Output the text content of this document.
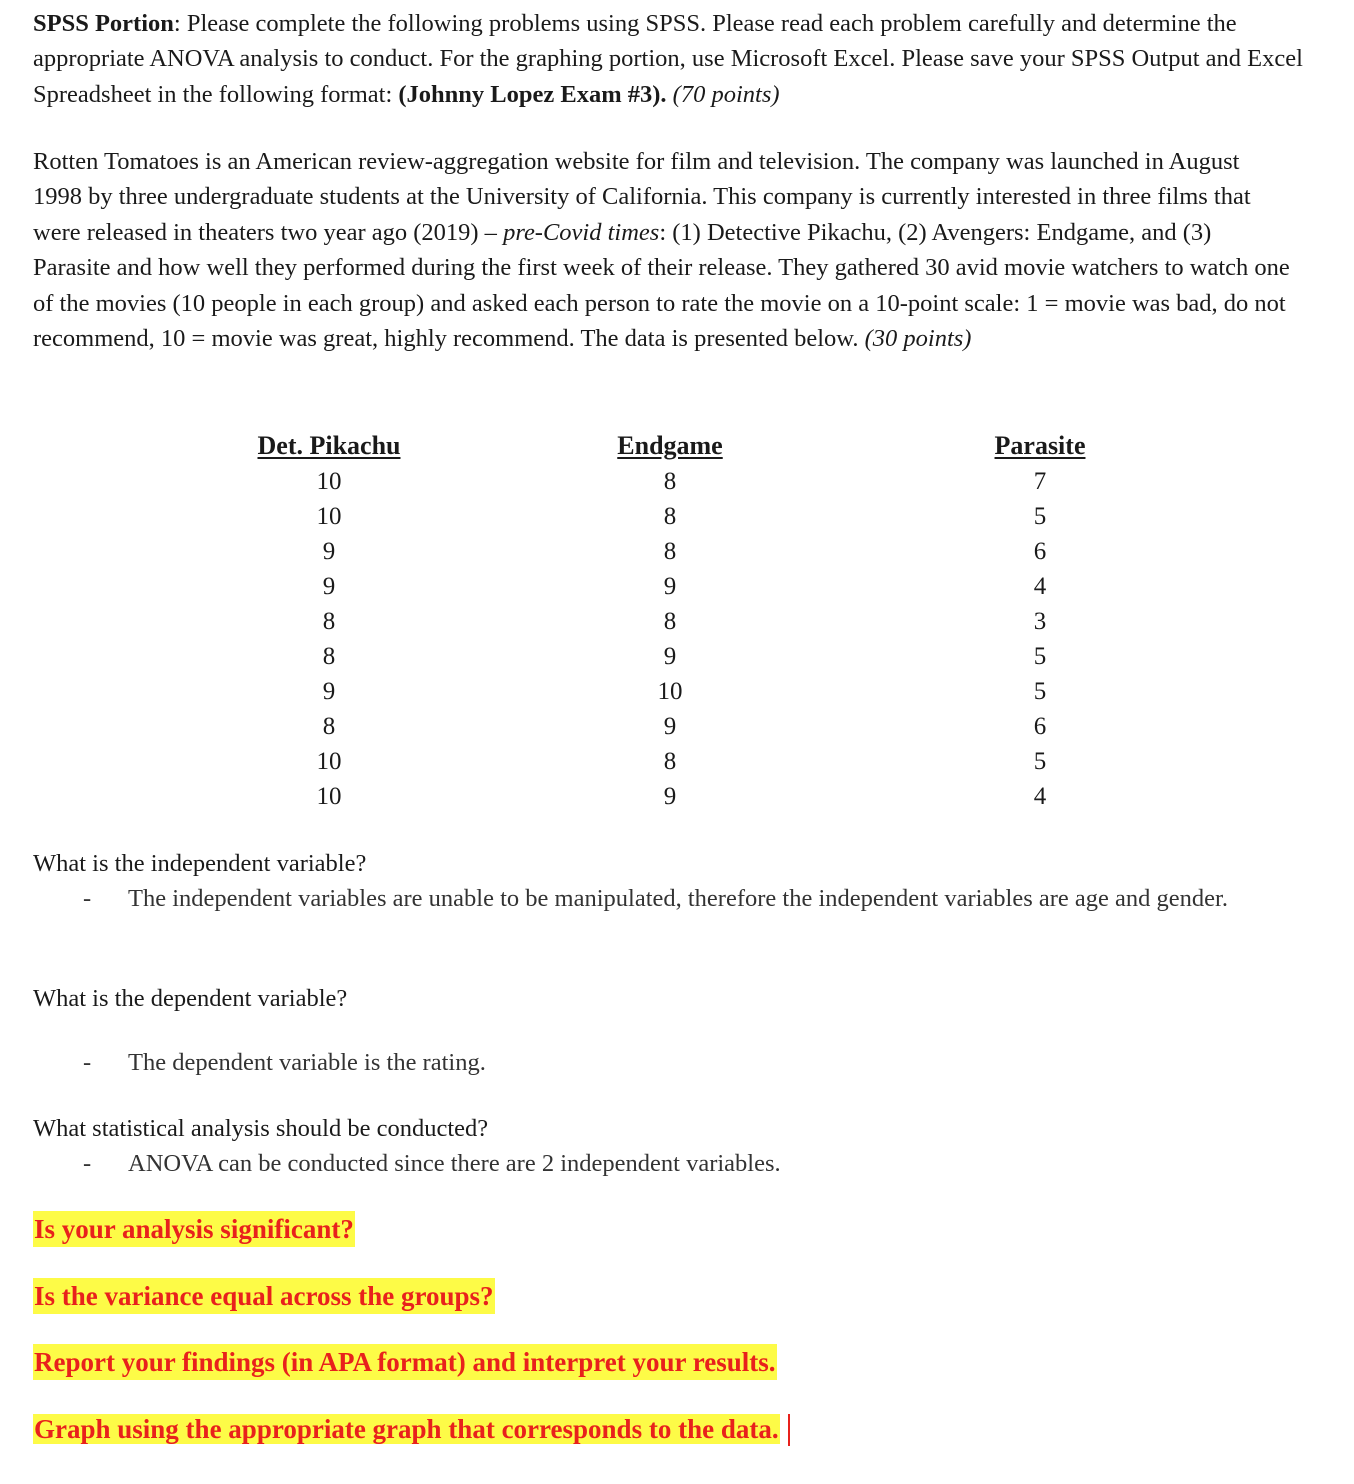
SPSS Portion: Please complete the following problems using SPSS. Please read each problem carefully and determine the appropriate ANOVA analysis to conduct. For the graphing portion, use Microsoft Excel. Please save your SPSS Output and Excel Spreadsheet in the following format: (Johnny Lopez Exam #3). (70 points)

Rotten Tomatoes is an American review-aggregation website for film and television. The company was launched in August 1998 by three undergraduate students at the University of California. This company is currently interested in three films that were released in theaters two year ago (2019) – pre-Covid times: (1) Detective Pikachu, (2) Avengers: Endgame, and (3) Parasite and how well they performed during the first week of their release. They gathered 30 avid movie watchers to watch one of the movies (10 people in each group) and asked each person to rate the movie on a 10-point scale: 1 = movie was bad, do not recommend, 10 = movie was great, highly recommend. The data is presented below. (30 points)

Det. Pikachu
10
10
9
9
8
8
9
8
10
10
Endgame
8
8
8
9
8
9
10
9
8
9
Parasite
7
5
6
4
3
5
5
6
5
4
What is the independent variable?
- The independent variables are unable to be manipulated, therefore the independent variables are age and gender.
What is the dependent variable?
- The dependent variable is the rating.
What statistical analysis should be conducted?
- ANOVA can be conducted since there are 2 independent variables.
Is your analysis significant?
Is the variance equal across the groups?
Report your findings (in APA format) and interpret your results.
Graph using the appropriate graph that corresponds to the data.
